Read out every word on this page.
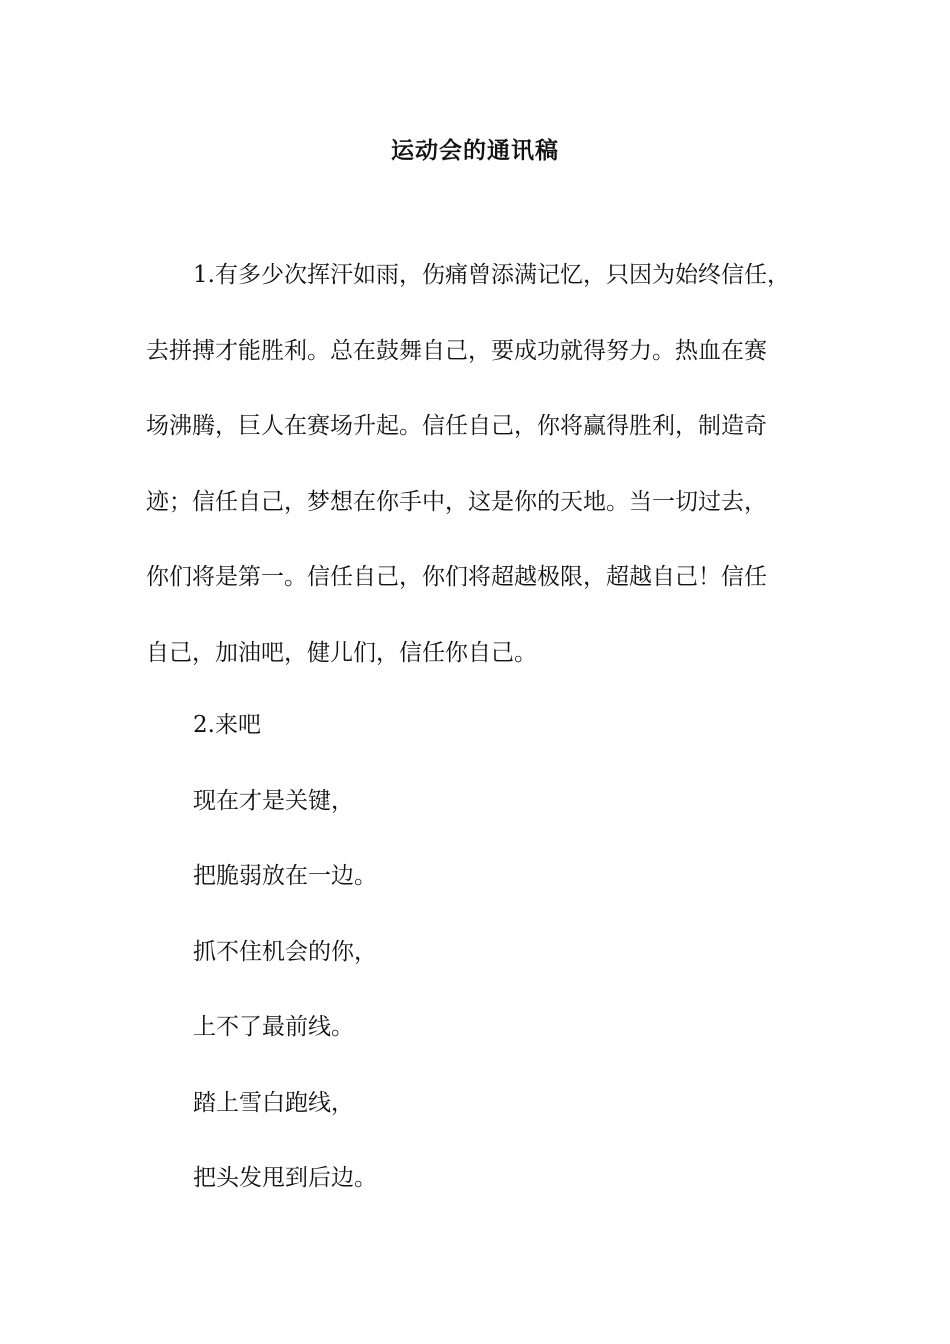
运动会的通讯稿
1.有多少次挥汗如雨，伤痛曾添满记忆，只因为始终信任，
去拼搏才能胜利。总在鼓舞自己，要成功就得努力。热血在赛
场沸腾，巨人在赛场升起。信任自己，你将赢得胜利，制造奇
迹；信任自己，梦想在你手中，这是你的天地。当一切过去，
你们将是第一。信任自己，你们将超越极限，超越自己！信任
自己，加油吧，健儿们，信任你自己。
2.来吧
现在才是关键，
把脆弱放在一边。
抓不住机会的你，
上不了最前线。
踏上雪白跑线，
把头发甩到后边。
